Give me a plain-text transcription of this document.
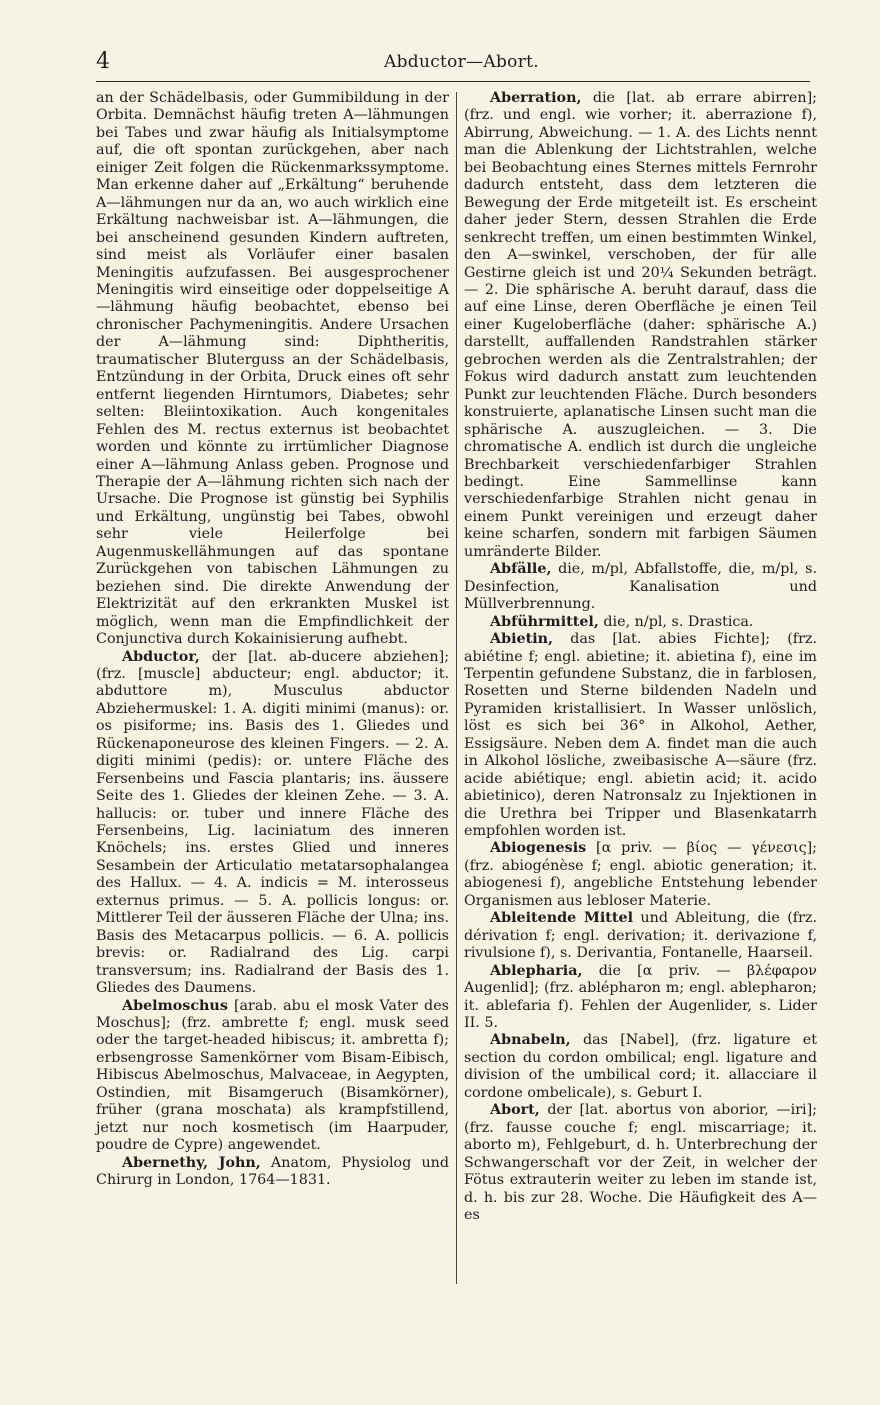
4	Abductor—Abort.

an der Schädelbasis, oder Gummibildung in der Orbita. Demnächst häufig treten A—lähmungen bei Tabes und zwar häufig als Initialsymptome auf, die oft spontan zurückgehen, aber nach einiger Zeit folgen die Rückenmarkssymptome. Man erkenne daher auf „Erkältung“ beruhende A—lähmungen nur da an, wo auch wirklich eine Erkältung nachweisbar ist. A—lähmungen, die bei anscheinend gesunden Kindern auftreten, sind meist als Vorläufer einer basalen Meningitis aufzufassen. Bei ausgesprochener Meningitis wird einseitige oder doppelseitige A—lähmung häufig beobachtet, ebenso bei chronischer Pachymeningitis. Andere Ursachen der A—lähmung sind: Diphtheritis, traumatischer Bluterguss an der Schädelbasis, Entzündung in der Orbita, Druck eines oft sehr entfernt liegenden Hirntumors, Diabetes; sehr selten: Bleiintoxikation. Auch kongenitales Fehlen des M. rectus externus ist beobachtet worden und könnte zu irrtümlicher Diagnose einer A—lähmung Anlass geben. Prognose und Therapie der A—lähmung richten sich nach der Ursache. Die Prognose ist günstig bei Syphilis und Erkältung, ungünstig bei Tabes, obwohl sehr viele Heilerfolge bei Augenmuskellähmungen auf das spontane Zurückgehen von tabischen Lähmungen zu beziehen sind. Die direkte Anwendung der Elektrizität auf den erkrankten Muskel ist möglich, wenn man die Empfindlichkeit der Conjunctiva durch Kokainisierung aufhebt.

Abductor, der [lat. ab-ducere abziehen]; (frz. [muscle] abducteur; engl. abductor; it. abduttore m), Musculus abductor Abziehermuskel: 1. A. digiti minimi (manus): or. os pisiforme; ins. Basis des 1. Gliedes und Rückenaponeurose des kleinen Fingers. — 2. A. digiti minimi (pedis): or. untere Fläche des Fersenbeins und Fascia plantaris; ins. äussere Seite des 1. Gliedes der kleinen Zehe. — 3. A. hallucis: or. tuber und innere Fläche des Fersenbeins, Lig. laciniatum des inneren Knöchels; ins. erstes Glied und inneres Sesambein der Articulatio metatarsophalangea des Hallux. — 4. A. indicis = M. interosseus externus primus. — 5. A. pollicis longus: or. Mittlerer Teil der äusseren Fläche der Ulna; ins. Basis des Metacarpus pollicis. — 6. A. pollicis brevis: or. Radialrand des Lig. carpi transversum; ins. Radialrand der Basis des 1. Gliedes des Daumens.

Abelmoschus [arab. abu el mosk Vater des Moschus]; (frz. ambrette f; engl. musk seed oder the target-headed hibiscus; it. ambretta f); erbsengrosse Samenkörner vom Bisam-Eibisch, Hibiscus Abelmoschus, Malvaceae, in Aegypten, Ostindien, mit Bisamgeruch (Bisamkörner), früher (grana moschata) als krampfstillend, jetzt nur noch kosmetisch (im Haarpuder, poudre de Cypre) angewendet.

Abernethy, John, Anatom, Physiolog und Chirurg in London, 1764—1831.

Aberration, die [lat. ab errare abirren]; (frz. und engl. wie vorher; it. aberrazione f), Abirrung, Abweichung. — 1. A. des Lichts nennt man die Ablenkung der Lichtstrahlen, welche bei Beobachtung eines Sternes mittels Fernrohr dadurch entsteht, dass dem letzteren die Bewegung der Erde mitgeteilt ist. Es erscheint daher jeder Stern, dessen Strahlen die Erde senkrecht treffen, um einen bestimmten Winkel, den A—swinkel, verschoben, der für alle Gestirne gleich ist und 20¼ Sekunden beträgt. — 2. Die sphärische A. beruht darauf, dass die auf eine Linse, deren Oberfläche je einen Teil einer Kugeloberfläche (daher: sphärische A.) darstellt, auffallenden Randstrahlen stärker gebrochen werden als die Zentralstrahlen; der Fokus wird dadurch anstatt zum leuchtenden Punkt zur leuchtenden Fläche. Durch besonders konstruierte, aplanatische Linsen sucht man die sphärische A. auszugleichen. — 3. Die chromatische A. endlich ist durch die ungleiche Brechbarkeit verschiedenfarbiger Strahlen bedingt. Eine Sammellinse kann verschiedenfarbige Strahlen nicht genau in einem Punkt vereinigen und erzeugt daher keine scharfen, sondern mit farbigen Säumen umränderte Bilder.

Abfälle, die, m/pl, Abfallstoffe, die, m/pl, s. Desinfection, Kanalisation und Müllverbrennung.

Abführmittel, die, n/pl, s. Drastica.

Abietin, das [lat. abies Fichte]; (frz. abiétine f; engl. abietine; it. abietina f), eine im Terpentin gefundene Substanz, die in farblosen, Rosetten und Sterne bildenden Nadeln und Pyramiden kristallisiert. In Wasser unlöslich, löst es sich bei 36° in Alkohol, Aether, Essigsäure. Neben dem A. findet man die auch in Alkohol lösliche, zweibasische A—säure (frz. acide abiétique; engl. abietin acid; it. acido abietinico), deren Natronsalz zu Injektionen in die Urethra bei Tripper und Blasenkatarrh empfohlen worden ist.

Abiogenesis [α priv. — βίος — γένεσις]; (frz. abiogénèse f; engl. abiotic generation; it. abiogenesi f), angebliche Entstehung lebender Organismen aus lebloser Materie.

Ableitende Mittel und Ableitung, die (frz. dérivation f; engl. derivation; it. derivazione f, rivulsione f), s. Derivantia, Fontanelle, Haarseil.

Ablepharia, die [α priv. — βλέφαρον Augenlid]; (frz. ablépharon m; engl. ablepharon; it. ablefaria f). Fehlen der Augenlider, s. Lider II. 5.

Abnabeln, das [Nabel], (frz. ligature et section du cordon ombilical; engl. ligature and division of the umbilical cord; it. allacciare il cordone ombelicale), s. Geburt I.

Abort, der [lat. abortus von aborior, —iri]; (frz. fausse couche f; engl. miscarriage; it. aborto m), Fehlgeburt, d. h. Unterbrechung der Schwangerschaft vor der Zeit, in welcher der Fötus extrauterin weiter zu leben im stande ist, d. h. bis zur 28. Woche. Die Häufigkeit des A—es
